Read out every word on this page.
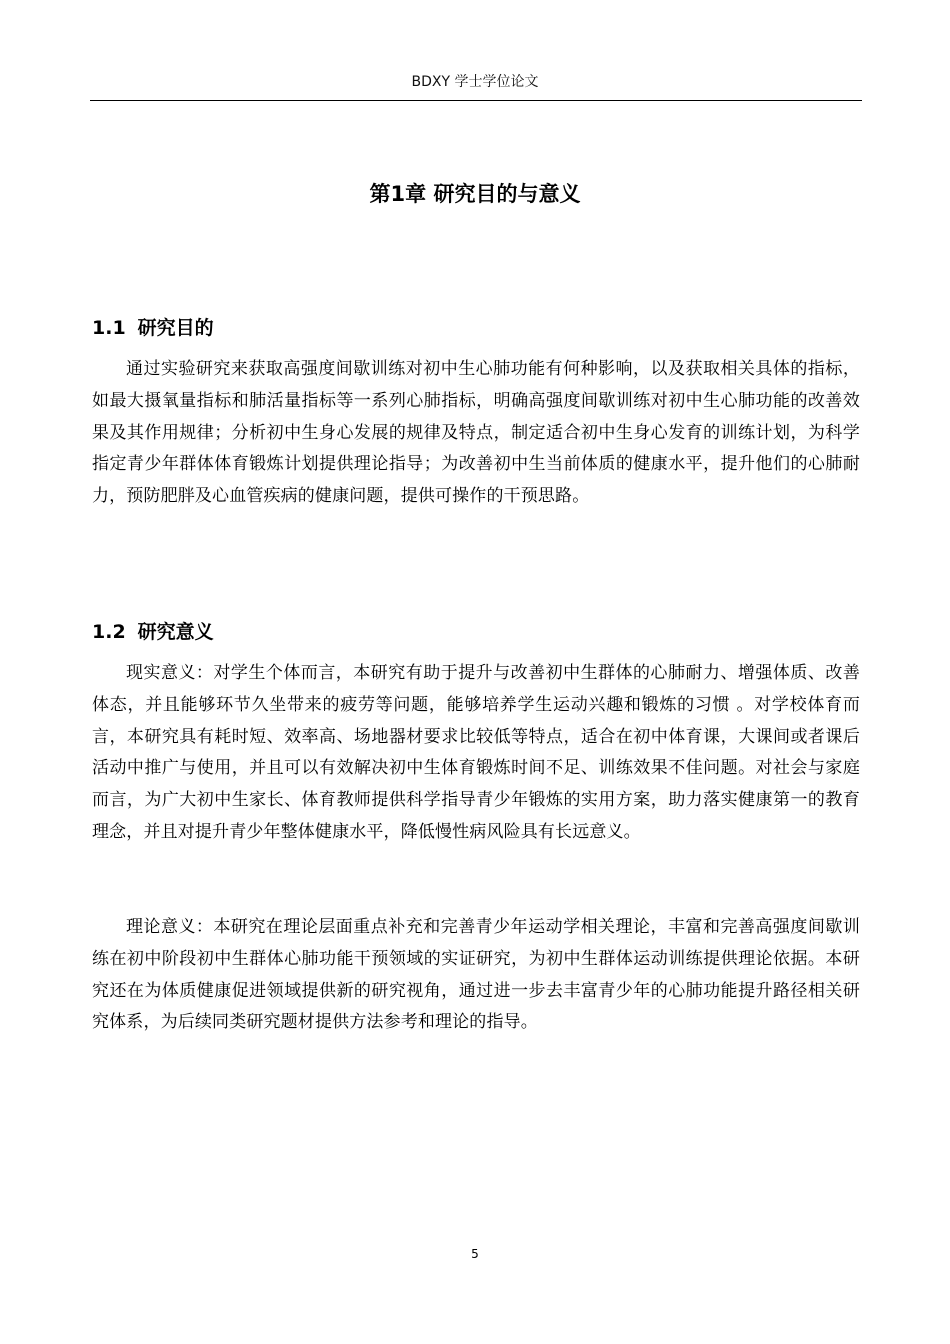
BDXY 学士学位论文
第1章 研究目的与意义
1.1 研究目的

通过实验研究来获取高强度间歇训练对初中生心肺功能有何种影响，以及获取相关具体的指标，如最大摄氧量指标和肺活量指标等一系列心肺指标，明确高强度间歇训练对初中生心肺功能的改善效果及其作用规律；分析初中生身心发展的规律及特点，制定适合初中生身心发育的训练计划，为科学指定青少年群体体育锻炼计划提供理论指导；为改善初中生当前体质的健康水平，提升他们的心肺耐力，预防肥胖及心血管疾病的健康问题，提供可操作的干预思路。

1.2 研究意义

现实意义：对学生个体而言，本研究有助于提升与改善初中生群体的心肺耐力、增强体质、改善体态，并且能够环节久坐带来的疲劳等问题，能够培养学生运动兴趣和锻炼的习惯 。对学校体育而言，本研究具有耗时短、效率高、场地器材要求比较低等特点，适合在初中体育课，大课间或者课后活动中推广与使用，并且可以有效解决初中生体育锻炼时间不足、训练效果不佳问题。对社会与家庭而言，为广大初中生家长、体育教师提供科学指导青少年锻炼的实用方案，助力落实健康第一的教育理念，并且对提升青少年整体健康水平，降低慢性病风险具有长远意义。

理论意义：本研究在理论层面重点补充和完善青少年运动学相关理论，丰富和完善高强度间歇训练在初中阶段初中生群体心肺功能干预领域的实证研究，为初中生群体运动训练提供理论依据。本研究还在为体质健康促进领域提供新的研究视角，通过进一步去丰富青少年的心肺功能提升路径相关研究体系，为后续同类研究题材提供方法参考和理论的指导。

5
